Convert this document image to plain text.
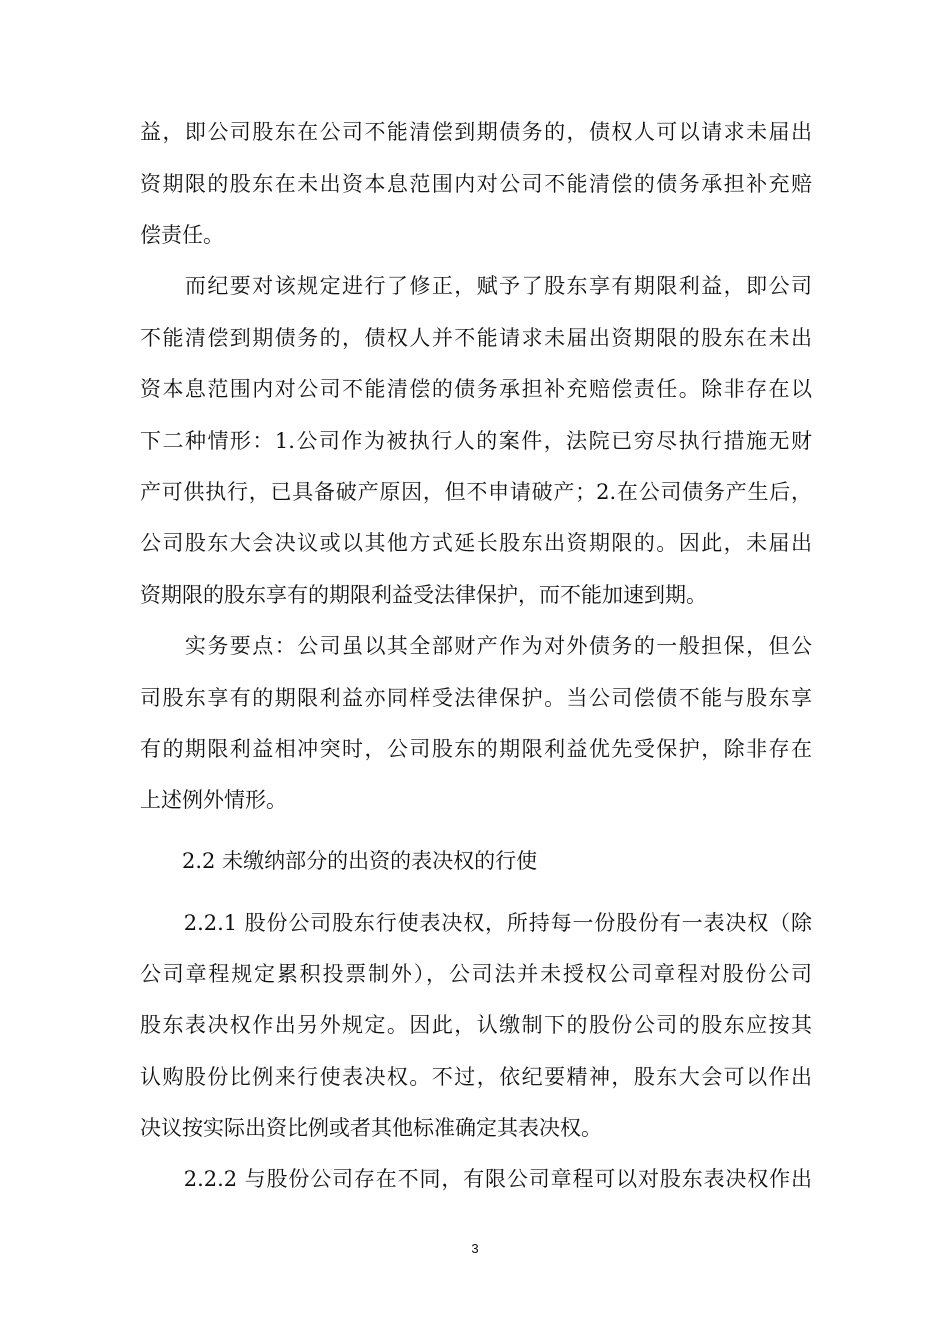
益，即公司股东在公司不能清偿到期债务的，债权人可以请求未届出
资期限的股东在未出资本息范围内对公司不能清偿的债务承担补充赔
偿责任。
　　而纪要对该规定进行了修正，赋予了股东享有期限利益，即公司
不能清偿到期债务的，债权人并不能请求未届出资期限的股东在未出
资本息范围内对公司不能清偿的债务承担补充赔偿责任。除非存在以
下二种情形：1.公司作为被执行人的案件，法院已穷尽执行措施无财
产可供执行，已具备破产原因，但不申请破产；2.在公司债务产生后，
公司股东大会决议或以其他方式延长股东出资期限的。因此，未届出
资期限的股东享有的期限利益受法律保护，而不能加速到期。
　　实务要点：公司虽以其全部财产作为对外债务的一般担保，但公
司股东享有的期限利益亦同样受法律保护。当公司偿债不能与股东享
有的期限利益相冲突时，公司股东的期限利益优先受保护，除非存在
上述例外情形。
　　2.2 未缴纳部分的出资的表决权的行使
　　2.2.1 股份公司股东行使表决权，所持每一份股份有一表决权（除
公司章程规定累积投票制外），公司法并未授权公司章程对股份公司
股东表决权作出另外规定。因此，认缴制下的股份公司的股东应按其
认购股份比例来行使表决权。不过，依纪要精神，股东大会可以作出
决议按实际出资比例或者其他标准确定其表决权。
　　2.2.2 与股份公司存在不同，有限公司章程可以对股东表决权作出
3
